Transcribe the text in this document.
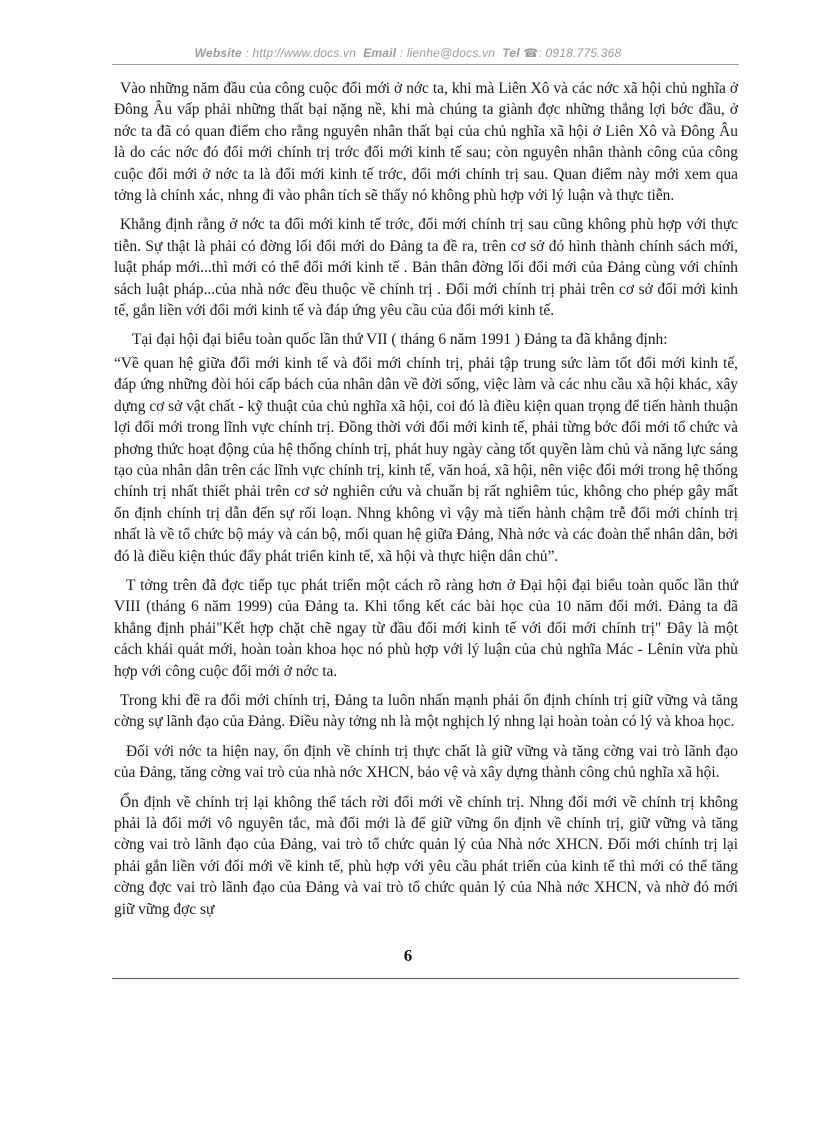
Website : http://www.docs.vn Email : lienhe@docs.vn Tel ☎: 0918.775.368

Vào những năm đầu của công cuộc đổi mới ở nớc ta, khi mà Liên Xô và các nớc xã hội chủ nghĩa ở Đông Âu vấp phải những thất bại nặng nề, khi mà chúng ta giành đợc những thắng lợi bớc đầu, ở nớc ta đã có quan điểm cho rằng nguyên nhân thất bại của chủ nghĩa xã hội ở Liên Xô và Đông Âu là do các nớc đó đổi mới chính trị trớc đổi mới kinh tế sau; còn nguyên nhân thành công của công cuộc đổi mới ở nớc ta là đổi mới kinh tế trớc, đổi mới chính trị sau. Quan điểm này mới xem qua tởng là chính xác, nhng đi vào phân tích sẽ thấy nó không phù hợp với lý luận và thực tiễn.

Khẳng định rằng ở nớc ta đổi mới kinh tế trớc, đổi mới chính trị sau cũng không phù hợp với thực tiễn. Sự thật là phải có đờng lối đổi mới do Đảng ta đề ra, trên cơ sở đó hình thành chính sách mới, luật pháp mới...thì mới có thể đổi mới kinh tế . Bản thân đờng lối đổi mới của Đảng cùng với chính sách luật pháp...của nhà nớc đều thuộc về chính trị . Đổi mới chính trị phải trên cơ sở đổi mới kinh tế, gắn liền với đổi mới kinh tế và đáp ứng yêu cầu của đổi mới kinh tế.

Tại đại hội đại biểu toàn quốc lần thứ VII ( tháng 6 năm 1991 ) Đảng ta đã khẳng định:

“Về quan hệ giữa đổi mới kinh tế và đổi mới chính trị, phải tập trung sức làm tốt đổi mới kinh tế, đáp ứng những đòi hỏi cấp bách của nhân dân về đời sống, việc làm và các nhu cầu xã hội khác, xây dựng cơ sở vật chất - kỹ thuật của chủ nghĩa xã hội, coi đó là điều kiện quan trọng để tiến hành thuận lợi đổi mới trong lĩnh vực chính trị. Đồng thời với đổi mới kinh tế, phải từng bớc đổi mới tổ chức và phơng thức hoạt động của hệ thống chính trị, phát huy ngày càng tốt quyền làm chủ và năng lực sáng tạo của nhân dân trên các lĩnh vực chính trị, kinh tế, văn hoá, xã hội, nên việc đổi mới trong hệ thống chính trị nhất thiết phải trên cơ sở nghiên cứu và chuẩn bị rất nghiêm túc, không cho phép gây mất ổn định chính trị dẫn đến sự rối loạn. Nhng không vì vậy mà tiến hành chậm trễ đổi mới chính trị nhất là về tổ chức bộ máy và cán bộ, mối quan hệ giữa Đảng, Nhà nớc và các đoàn thể nhân dân, bởi đó là điều kiện thúc đẩy phát triển kinh tế, xã hội và thực hiện dân chủ”.

T tởng trên đã đợc tiếp tục phát triển một cách rõ ràng hơn ở Đại hội đại biểu toàn quốc lần thứ VIII (tháng 6 năm 1999) của Đảng ta. Khi tổng kết các bài học của 10 năm đổi mới. Đảng ta đã khẳng định phải"Kết hợp chặt chẽ ngay từ đầu đổi mới kinh tế với đổi mới chính trị" Đây là một cách khái quát mới, hoàn toàn khoa học nó phù hợp với lý luận của chủ nghĩa Mác - Lênin vừa phù hợp với công cuộc đổi mới ở nớc ta.

Trong khi đề ra đổi mới chính trị, Đảng ta luôn nhấn mạnh phải ổn định chính trị giữ vững và tăng cờng sự lãnh đạo của Đảng. Điều này tởng nh là một nghịch lý nhng lại hoàn toàn có lý và khoa học.

Đối với nớc ta hiện nay, ổn định về chính trị thực chất là giữ vững và tăng cờng vai trò lãnh đạo của Đảng, tăng cờng vai trò của nhà nớc XHCN, bảo vệ và xây dựng thành công chủ nghĩa xã hội.

Ổn định về chính trị lại không thể tách rời đổi mới về chính trị. Nhng đổi mới về chính trị không phải là đổi mới vô nguyên tắc, mà đổi mới là để giữ vững ổn định về chính trị, giữ vững và tăng cờng vai trò lãnh đạo của Đảng, vai trò tổ chức quản lý của Nhà nớc XHCN. Đổi mới chính trị lại phải gắn liền với đổi mới về kinh tế, phù hợp với yêu cầu phát triển của kinh tế thì mới có thể tăng cờng đợc vai trò lãnh đạo của Đảng và vai trò tổ chức quản lý của Nhà nớc XHCN, và nhờ đó mới giữ vững đợc sự

6
